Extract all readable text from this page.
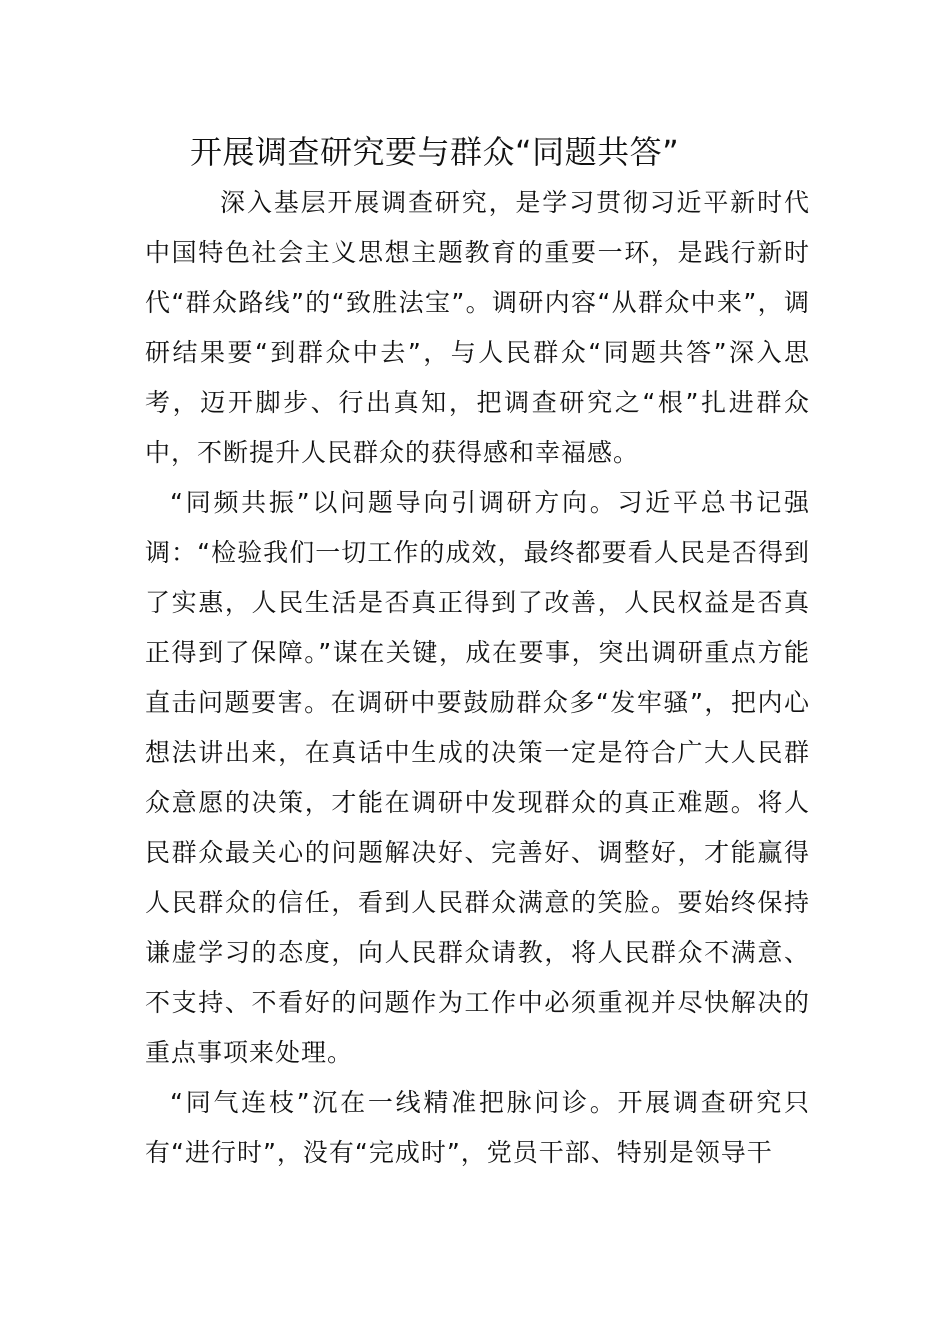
开展调查研究要与群众“同题共答”

深入基层开展调查研究，是学习贯彻习近平新时代中国特色社会主义思想主题教育的重要一环，是践行新时代“群众路线”的“致胜法宝”。调研内容“从群众中来”，调研结果要“到群众中去”，与人民群众“同题共答”深入思考，迈开脚步、行出真知，把调查研究之“根”扎进群众中，不断提升人民群众的获得感和幸福感。

“同频共振”以问题导向引调研方向。习近平总书记强调：“检验我们一切工作的成效，最终都要看人民是否得到了实惠，人民生活是否真正得到了改善，人民权益是否真正得到了保障。”谋在关键，成在要事，突出调研重点方能直击问题要害。在调研中要鼓励群众多“发牢骚”，把内心想法讲出来，在真话中生成的决策一定是符合广大人民群众意愿的决策，才能在调研中发现群众的真正难题。将人民群众最关心的问题解决好、完善好、调整好，才能赢得人民群众的信任，看到人民群众满意的笑脸。要始终保持谦虚学习的态度，向人民群众请教，将人民群众不满意、不支持、不看好的问题作为工作中必须重视并尽快解决的重点事项来处理。

“同气连枝”沉在一线精准把脉问诊。开展调查研究只有“进行时”，没有“完成时”，党员干部、特别是领导干
